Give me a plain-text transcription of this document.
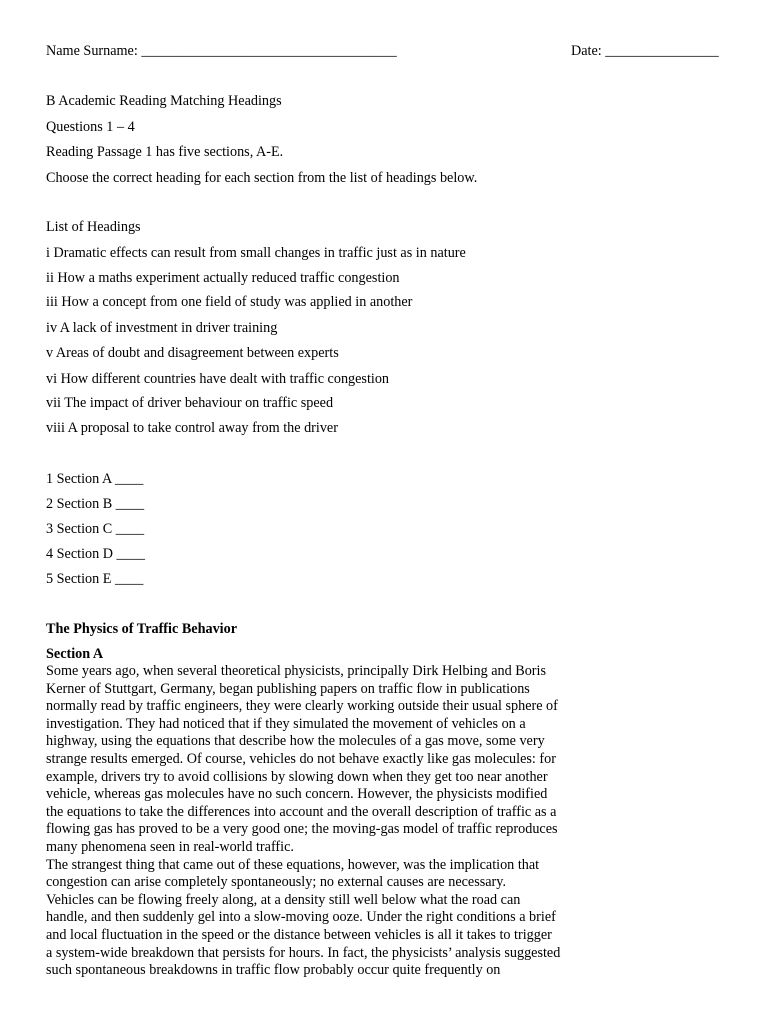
Name Surname: ____________________________________	Date: ________________
B Academic Reading Matching Headings
Questions 1 – 4
Reading Passage 1 has five sections, A-E.
Choose the correct heading for each section from the list of headings below.
List of Headings
i Dramatic effects can result from small changes in traffic just as in nature
ii How a maths experiment actually reduced traffic congestion
iii How a concept from one field of study was applied in another
iv A lack of investment in driver training
v Areas of doubt and disagreement between experts
vi How different countries have dealt with traffic congestion
vii The impact of driver behaviour on traffic speed
viii A proposal to take control away from the driver
1 Section A ____
2 Section B ____
3 Section C ____
4 Section D ____
5 Section E ____
The Physics of Traffic Behavior
Section A
Some years ago, when several theoretical physicists, principally Dirk Helbing and Boris
Kerner of Stuttgart, Germany, began publishing papers on traffic flow in publications
normally read by traffic engineers, they were clearly working outside their usual sphere of
investigation. They had noticed that if they simulated the movement of vehicles on a
highway, using the equations that describe how the molecules of a gas move, some very
strange results emerged. Of course, vehicles do not behave exactly like gas molecules: for
example, drivers try to avoid collisions by slowing down when they get too near another
vehicle, whereas gas molecules have no such concern. However, the physicists modified
the equations to take the differences into account and the overall description of traffic as a
flowing gas has proved to be a very good one; the moving-gas model of traffic reproduces
many phenomena seen in real-world traffic.
The strangest thing that came out of these equations, however, was the implication that
congestion can arise completely spontaneously; no external causes are necessary.
Vehicles can be flowing freely along, at a density still well below what the road can
handle, and then suddenly gel into a slow-moving ooze. Under the right conditions a brief
and local fluctuation in the speed or the distance between vehicles is all it takes to trigger
a system-wide breakdown that persists for hours. In fact, the physicists’ analysis suggested
such spontaneous breakdowns in traffic flow probably occur quite frequently on
